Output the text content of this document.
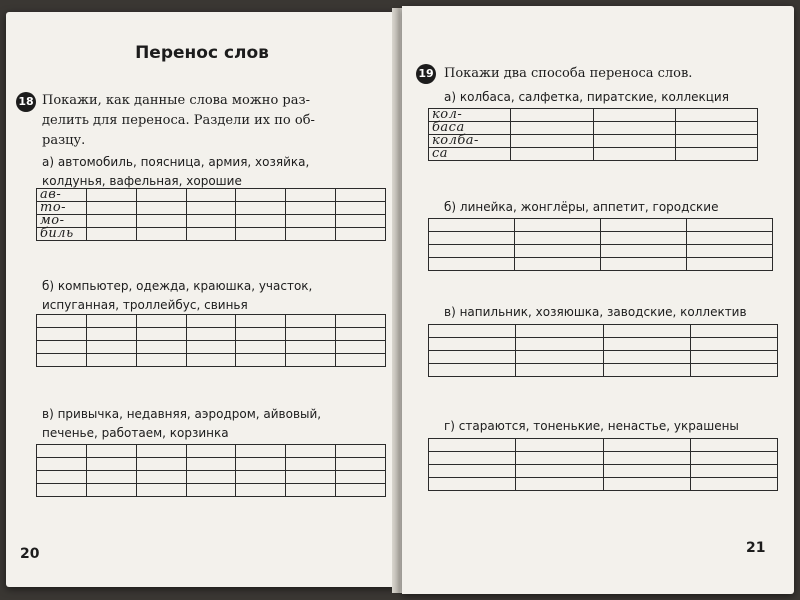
Перенос слов
18 Покажи, как данные слова можно раз-
делить для переноса. Раздели их по об-
разцу.
а) автомобиль, поясница, армия, хозяйка,
колдунья, вафельная, хорошие
ав-						

то-						

мо-						

биль						

б) компьютер, одежда, краюшка, участок,
испуганная, троллейбус, свинья

в) привычка, недавняя, аэродром, айвовый,
печенье, работаем, корзинка

20
19 Покажи два способа переноса слов.
а) колбаса, салфетка, пиратские, коллекция
кол-			

баса			

колба-			

са			

б) линейка, жонглёры, аппетит, городские

в) напильник, хозяюшка, заводские, коллектив

г) стараются, тоненькие, ненастье, украшены

21
